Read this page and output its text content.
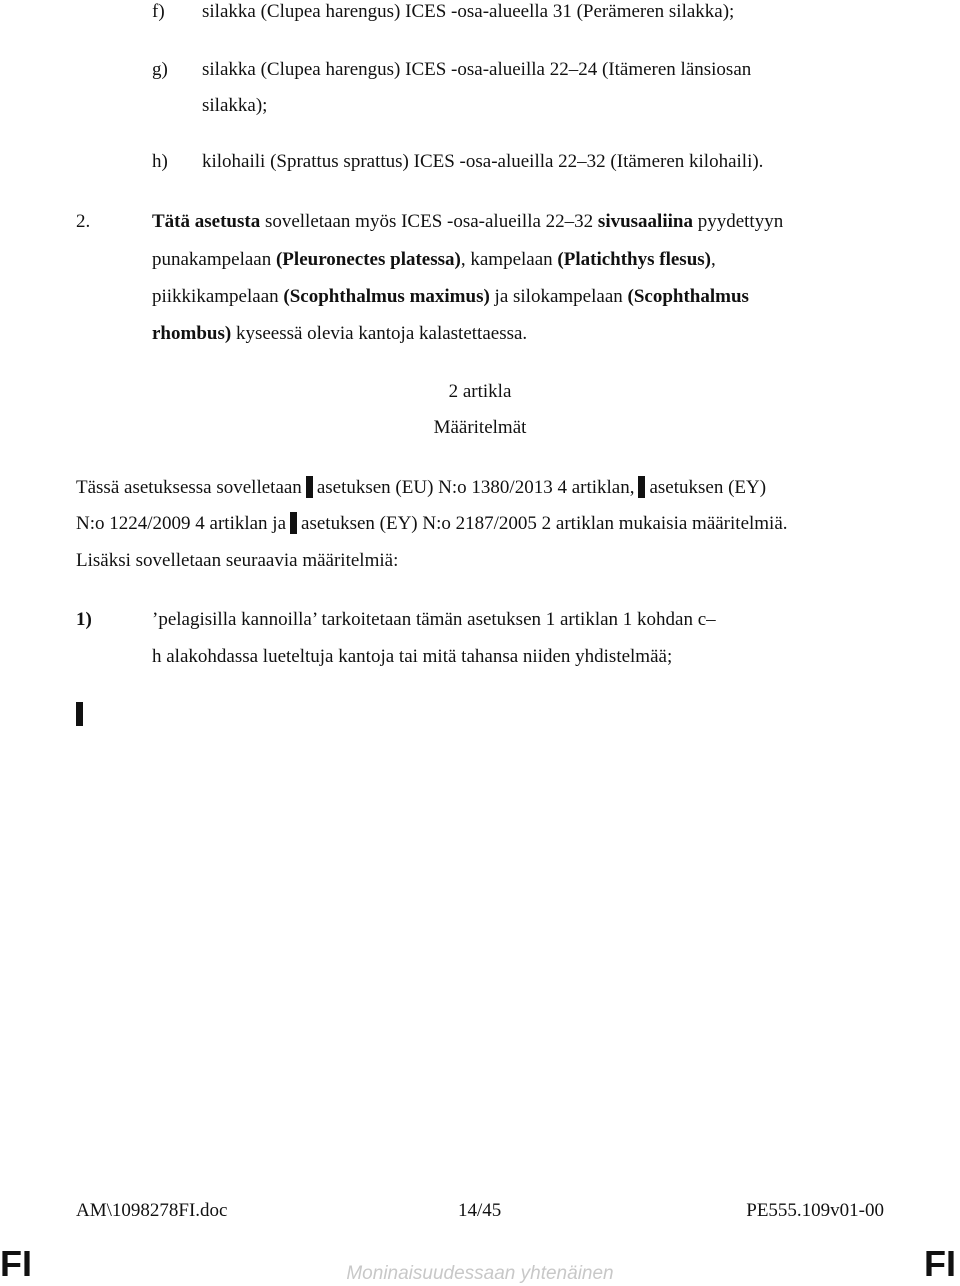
f) silakka (Clupea harengus) ICES -osa-alueella 31 (Perämeren silakka);
g) silakka (Clupea harengus) ICES -osa-alueilla 22–24 (Itämeren länsiosan
silakka);
h) kilohaili (Sprattus sprattus) ICES -osa-alueilla 22–32 (Itämeren kilohaili).
2.	Tätä asetusta sovelletaan myös ICES -osa-alueilla 22–32 sivusaaliina pyydettyyn
punakampelaan (Pleuronectes platessa), kampelaan (Platichthys flesus),
piikkikampelaan (Scophthalmus maximus) ja silokampelaan (Scophthalmus
rhombus) kyseessä olevia kantoja kalastettaessa.
2 artikla
Määritelmät
Tässä asetuksessa sovelletaan asetuksen (EU) N:o 1380/2013 4 artiklan, asetuksen (EY)
N:o 1224/2009 4 artiklan ja asetuksen (EY) N:o 2187/2005 2 artiklan mukaisia määritelmiä.
Lisäksi sovelletaan seuraavia määritelmiä:
1)	’pelagisilla kannoilla’ tarkoitetaan tämän asetuksen 1 artiklan 1 kohdan c–
h alakohdassa lueteltuja kantoja tai mitä tahansa niiden yhdistelmää;
AM\1098278FI.doc	14/45	PE555.109v01-00
FI	FI
Moninaisuudessaan yhtenäinen
